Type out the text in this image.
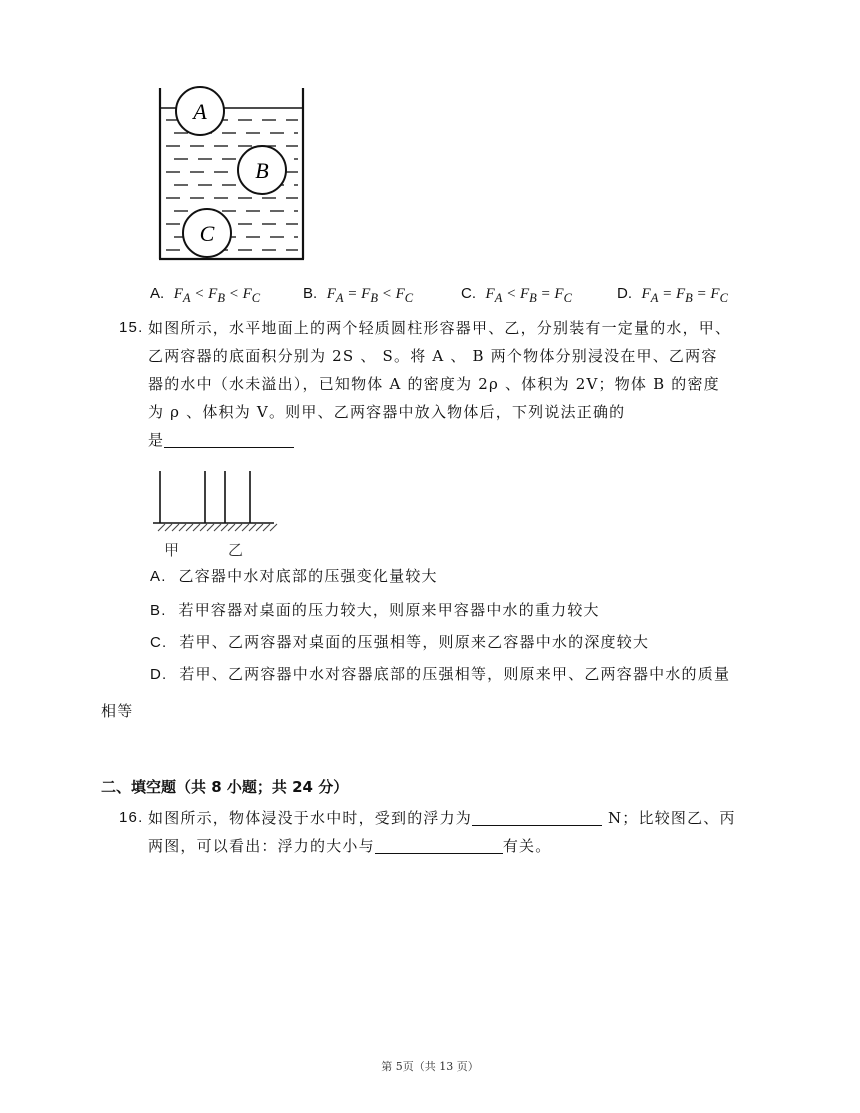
A
B
C
A. $F_A < F_B < F_C$	B. $F_A = F_B < F_C$	C. $F_A < F_B = F_C$	D. $F_A = F_B = F_C$
15. 如图所示，水平地面上的两个轻质圆柱形容器甲、乙，分别装有一定量的水，甲、
乙两容器的底面积分别为 2S 、 S。将 A 、 B 两个物体分别浸没在甲、乙两容
器的水中（水未溢出），已知物体 A 的密度为 2ρ 、体积为 2V；物体 B 的密度
为 ρ 、体积为 V。则甲、乙两容器中放入物体后，下列说法正确的
是
甲	乙
A. 乙容器中水对底部的压强变化量较大
B. 若甲容器对桌面的压力较大，则原来甲容器中水的重力较大
C. 若甲、乙两容器对桌面的压强相等，则原来乙容器中水的深度较大
D. 若甲、乙两容器中水对容器底部的压强相等，则原来甲、乙两容器中水的质量
相等
二、填空题（共 8 小题；共 24 分）
16. 如图所示，物体浸没于水中时，受到的浮力为	N；比较图乙、丙
两图，可以看出：浮力的大小与	有关。
第 5页（共 13 页）
